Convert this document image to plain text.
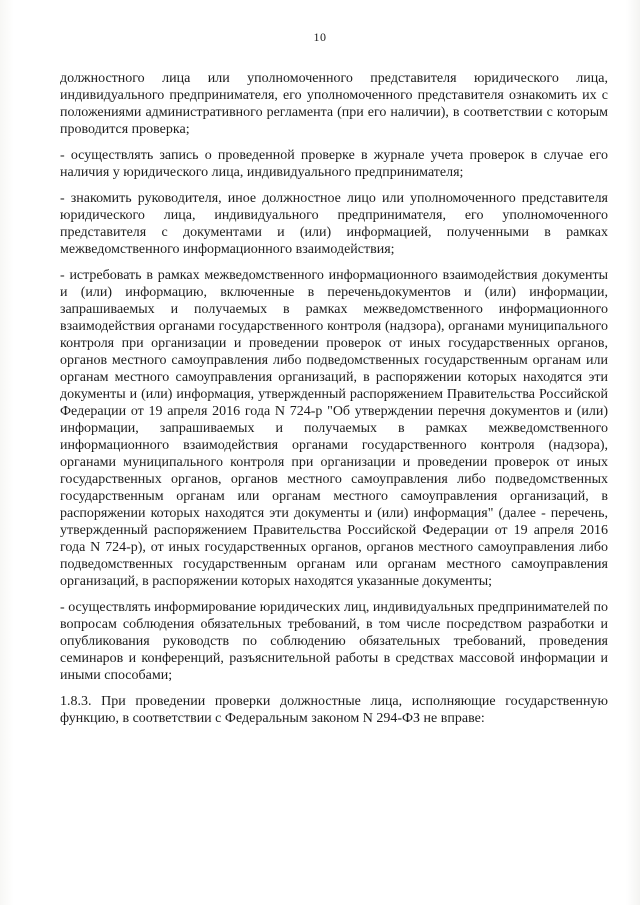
10

должностного лица или уполномоченного представителя юридического лица, индивидуального предпринимателя, его уполномоченного представителя ознакомить их с положениями административного регламента (при его наличии), в соответствии с которым проводится проверка;

- осуществлять запись о проведенной проверке в журнале учета проверок в случае его наличия у юридического лица, индивидуального предпринимателя;

- знакомить руководителя, иное должностное лицо или уполномоченного представителя юридического лица, индивидуального предпринимателя, его уполномоченного представителя с документами и (или) информацией, полученными в рамках межведомственного информационного взаимодействия;

- истребовать в рамках межведомственного информационного взаимодействия документы и (или) информацию, включенные в переченьдокументов и (или) информации, запрашиваемых и получаемых в рамках межведомственного информационного взаимодействия органами государственного контроля (надзора), органами муниципального контроля при организации и проведении проверок от иных государственных органов, органов местного самоуправления либо подведомственных государственным органам или органам местного самоуправления организаций, в распоряжении которых находятся эти документы и (или) информация, утвержденный распоряжением Правительства Российской Федерации от 19 апреля 2016 года N 724-р "Об утверждении перечня документов и (или) информации, запрашиваемых и получаемых в рамках межведомственного информационного взаимодействия органами государственного контроля (надзора), органами муниципального контроля при организации и проведении проверок от иных государственных органов, органов местного самоуправления либо подведомственных государственным органам или органам местного самоуправления организаций, в распоряжении которых находятся эти документы и (или) информация" (далее - перечень, утвержденный распоряжением Правительства Российской Федерации от 19 апреля 2016 года N 724-р), от иных государственных органов, органов местного самоуправления либо подведомственных государственным органам или органам местного самоуправления организаций, в распоряжении которых находятся указанные документы;

- осуществлять информирование юридических лиц, индивидуальных предпринимателей по вопросам соблюдения обязательных требований, в том числе посредством разработки и опубликования руководств по соблюдению обязательных требований, проведения семинаров и конференций, разъяснительной работы в средствах массовой информации и иными способами;

1.8.3. При проведении проверки должностные лица, исполняющие государственную функцию, в соответствии с Федеральным законом N 294-ФЗ не вправе:
